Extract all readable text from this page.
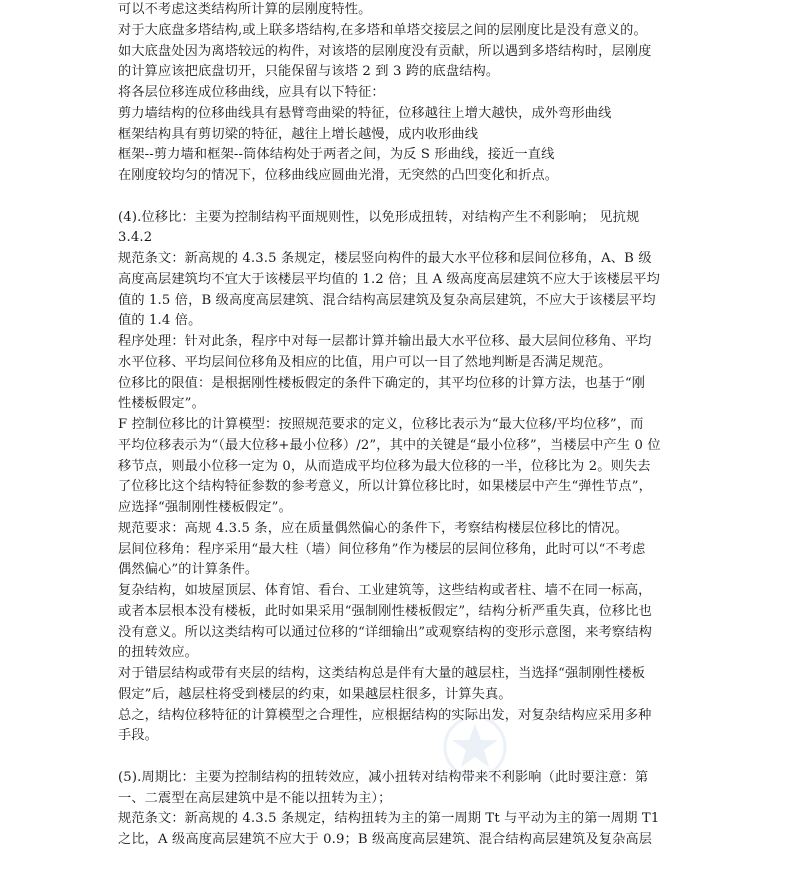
可以不考虑这类结构所计算的层刚度特性。
对于大底盘多塔结构,或上联多塔结构,在多塔和单塔交接层之间的层刚度比是没有意义的。
如大底盘处因为离塔较远的构件，对该塔的层刚度没有贡献，所以遇到多塔结构时，层刚度
的计算应该把底盘切开，只能保留与该塔 2 到 3 跨的底盘结构。
将各层位移连成位移曲线，应具有以下特征：
剪力墙结构的位移曲线具有悬臂弯曲梁的特征，位移越往上增大越快，成外弯形曲线
框架结构具有剪切梁的特征，越往上增长越慢，成内收形曲线
框架--剪力墙和框架--筒体结构处于两者之间，为反 S 形曲线，接近一直线
在刚度较均匀的情况下，位移曲线应圆曲光滑，无突然的凸凹变化和折点。
(4).位移比：主要为控制结构平面规则性，以免形成扭转，对结构产生不利影响； 见抗规
3.4.2
规范条文：新高规的 4.3.5 条规定，楼层竖向构件的最大水平位移和层间位移角，A、B 级
高度高层建筑均不宜大于该楼层平均值的 1.2 倍；且 A 级高度高层建筑不应大于该楼层平均
值的 1.5 倍，B 级高度高层建筑、混合结构高层建筑及复杂高层建筑，不应大于该楼层平均
值的 1.4 倍。
程序处理：针对此条，程序中对每一层都计算并输出最大水平位移、最大层间位移角、平均
水平位移、平均层间位移角及相应的比值，用户可以一目了然地判断是否满足规范。
位移比的限值：是根据刚性楼板假定的条件下确定的，其平均位移的计算方法，也基于“刚
性楼板假定”。
F 控制位移比的计算模型：按照规范要求的定义，位移比表示为“最大位移/平均位移”，而
平均位移表示为“（最大位移+最小位移）/2”，其中的关键是“最小位移”，当楼层中产生 0 位
移节点，则最小位移一定为 0，从而造成平均位移为最大位移的一半，位移比为 2。则失去
了位移比这个结构特征参数的参考意义，所以计算位移比时，如果楼层中产生“弹性节点”，
应选择“强制刚性楼板假定”。
规范要求：高规 4.3.5 条，应在质量偶然偏心的条件下，考察结构楼层位移比的情况。
层间位移角：程序采用“最大柱（墙）间位移角”作为楼层的层间位移角，此时可以“不考虑
偶然偏心”的计算条件。
复杂结构，如坡屋顶层、体育馆、看台、工业建筑等，这些结构或者柱、墙不在同一标高，
或者本层根本没有楼板，此时如果采用“强制刚性楼板假定”，结构分析严重失真，位移比也
没有意义。所以这类结构可以通过位移的“详细输出”或观察结构的变形示意图，来考察结构
的扭转效应。
对于错层结构或带有夹层的结构，这类结构总是伴有大量的越层柱，当选择“强制刚性楼板
假定”后，越层柱将受到楼层的约束，如果越层柱很多，计算失真。
总之，结构位移特征的计算模型之合理性，应根据结构的实际出发，对复杂结构应采用多种
手段。
(5).周期比：主要为控制结构的扭转效应，减小扭转对结构带来不利影响（此时要注意：第
一、二震型在高层建筑中是不能以扭转为主）；
规范条文：新高规的 4.3.5 条规定，结构扭转为主的第一周期 Tt 与平动为主的第一周期 T1
之比，A 级高度高层建筑不应大于 0.9；B 级高度高层建筑、混合结构高层建筑及复杂高层
